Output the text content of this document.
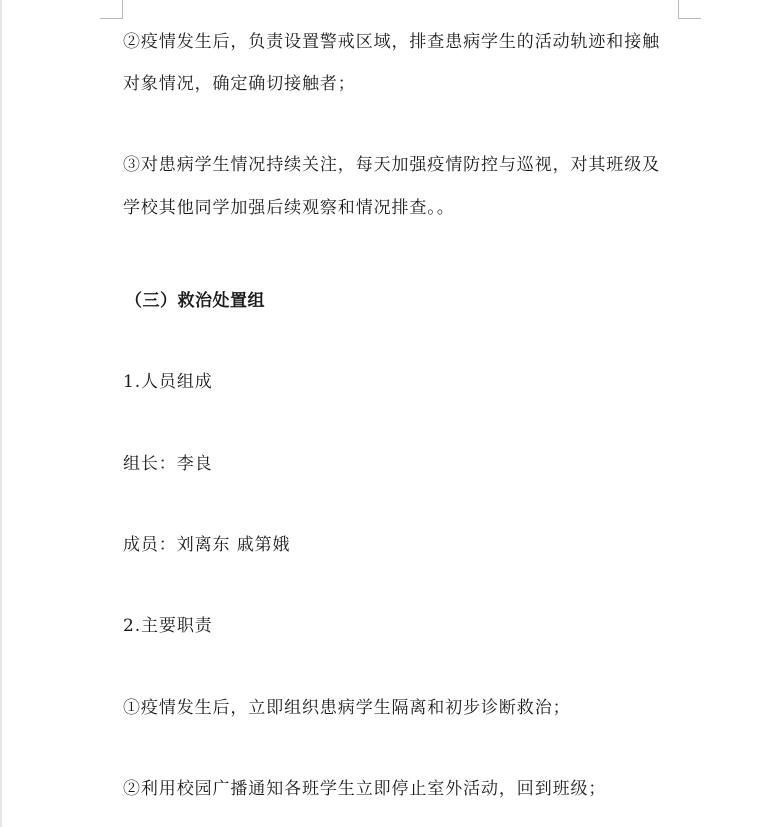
②疫情发生后，负责设置警戒区域，排查患病学生的活动轨迹和接触

对象情况，确定确切接触者；

③对患病学生情况持续关注，每天加强疫情防控与巡视，对其班级及

学校其他同学加强后续观察和情况排查。。

（三）救治处置组

1.人员组成

组长：李良

成员：刘离东 戚第娥

2.主要职责

①疫情发生后，立即组织患病学生隔离和初步诊断救治；

②利用校园广播通知各班学生立即停止室外活动，回到班级；
